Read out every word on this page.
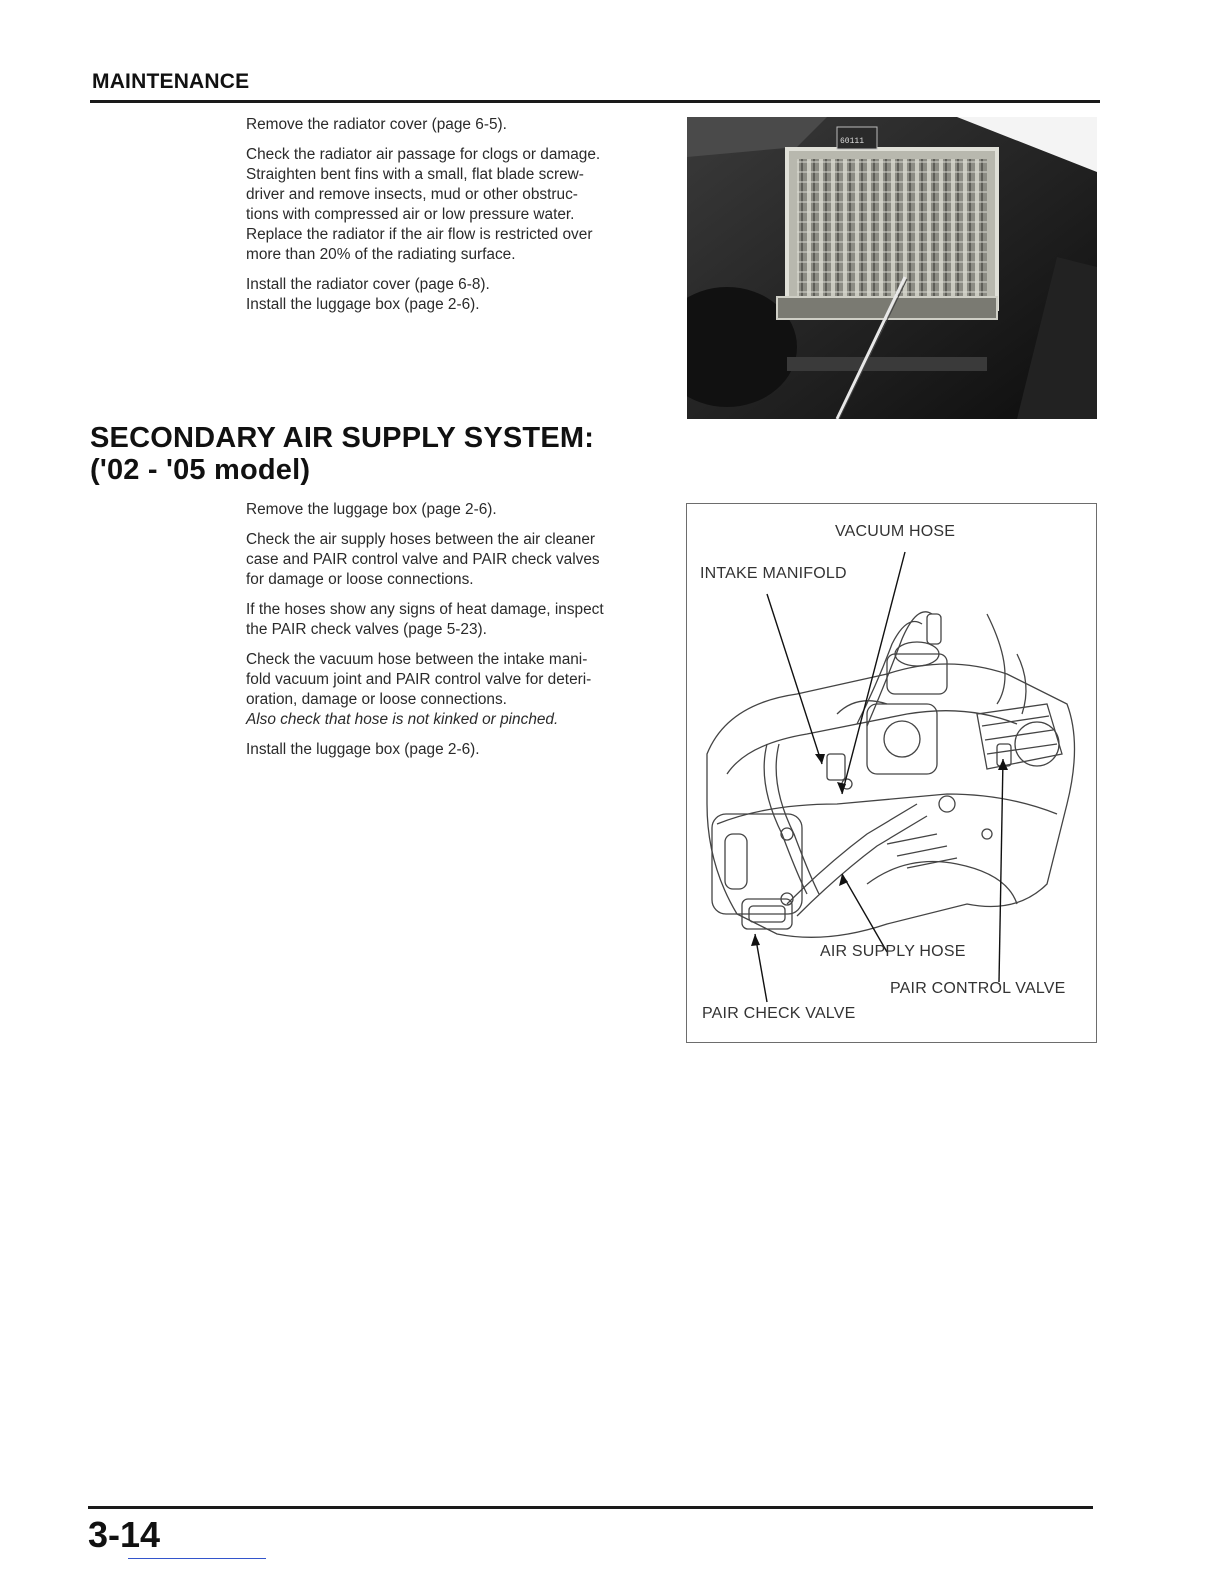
MAINTENANCE

Remove the radiator cover (page 6-5).

Check the radiator air passage for clogs or damage.
Straighten bent fins with a small, flat blade screw-
driver and remove insects, mud or other obstruc-
tions with compressed air or low pressure water.
Replace the radiator if the air flow is restricted over
more than 20% of the radiating surface.

Install the radiator cover (page 6-8).
Install the luggage box (page 2-6).

60111
SECONDARY AIR SUPPLY SYSTEM:
('02 - '05 model)

Remove the luggage box (page 2-6).

Check the air supply hoses between the air cleaner
case and PAIR control valve and PAIR check valves
for damage or loose connections.

If the hoses show any signs of heat damage, inspect
the PAIR check valves (page 5-23).

Check the vacuum hose between the intake mani-
fold vacuum joint and PAIR control valve for deteri-
oration, damage or loose connections.
Also check that hose is not kinked or pinched.

Install the luggage box (page 2-6).

VACUUM HOSE
INTAKE MANIFOLD
AIR SUPPLY HOSE
PAIR CONTROL VALVE
PAIR CHECK VALVE
3-14
